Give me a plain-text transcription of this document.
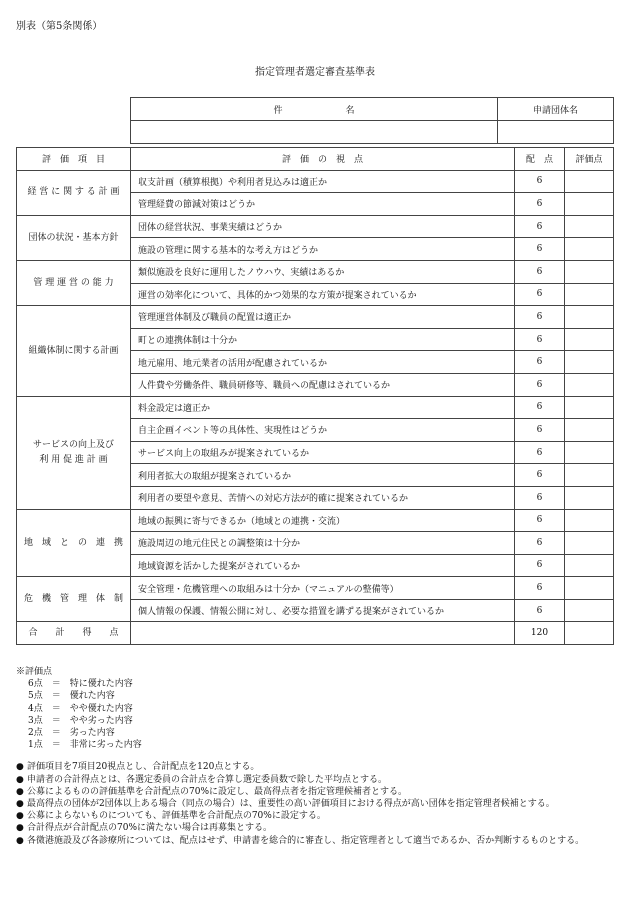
別表（第5条関係）
指定管理者選定審査基準表
件　　　　　　　名	申請団体名

評　価　項　目	評　価　の　視　点	配　点	評価点
経 営 に 関 す る 計 画	収支計画（積算根拠）や利用者見込みは適正か	6	
	管理経費の節減対策はどうか	6	
団体の状況・基本方針	団体の経営状況、事業実績はどうか	6	
	施設の管理に関する基本的な考え方はどうか	6	
管 理 運 営 の 能 力	類似施設を良好に運用したノウハウ、実績はあるか	6	
	運営の効率化について、具体的かつ効果的な方策が提案されているか	6	
組織体制に関する計画	管理運営体制及び職員の配置は適正か	6	
	町との連携体制は十分か	6	
	地元雇用、地元業者の活用が配慮されているか	6	
	人件費や労働条件、職員研修等、職員への配慮はされているか	6	

サービスの向上及び
利 用 促 進 計 画	料金設定は適正か	6	
	自主企画イベント等の具体性、実現性はどうか	6	
	サービス向上の取組みが提案されているか	6	
	利用者拡大の取組が提案されているか	6	
	利用者の要望や意見、苦情への対応方法が的確に提案されているか	6	
地　域　と　の　連　携	地域の振興に寄与できるか（地域との連携・交流）	6	
	施設周辺の地元住民との調整策は十分か	6	
	地域資源を活かした提案がされているか	6	
危　機　管　理　体　制	安全管理・危機管理への取組みは十分か（マニュアルの整備等）	6	
	個人情報の保護、情報公開に対し、必要な措置を講ずる提案がされているか	6	
合　　計　　得　　点		120	
※評価点
6点　＝　特に優れた内容
5点　＝　優れた内容
4点　＝　やや優れた内容
3点　＝　やや劣った内容
2点　＝　劣った内容
1点　＝　非常に劣った内容
● 評価項目を7項目20視点とし、合計配点を120点とする。
● 申請者の合計得点とは、各選定委員の合計点を合算し選定委員数で除した平均点とする。
● 公募によるものの評価基準を合計配点の70%に設定し、最高得点者を指定管理候補者とする。
● 最高得点の団体が2団体以上ある場合（同点の場合）は、重要性の高い評価項目における得点が高い団体を指定管理者候補とする。
● 公募によらないものについても、評価基準を合計配点の70%に設定する。
● 合計得点が合計配点の70%に満たない場合は再募集とする。
● 各微港施設及び各診療所については、配点はせず、申請書を総合的に審査し、指定管理者として適当であるか、否か判断するものとする。
